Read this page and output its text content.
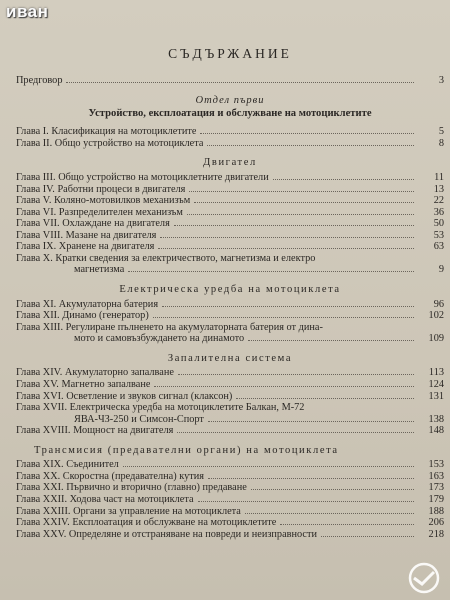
иван
СЪДЪРЖАНИЕ
Предговор	3
Отдел първи
Устройство, експлоатация и обслужване на мотоциклетите
Глава I. Класификация на мотоциклетите	5
Глава II. Общо устройство на мотоциклета	8
Двигател
Глава III. Общо устройство на мотоциклетните двигатели	11
Глава IV. Работни процеси в двигателя	13
Глава V. Коляно-мотовилков механизъм	22
Глава VI. Разпределителен механизъм	36
Глава VII. Охлаждане на двигателя	50
Глава VIII. Мазане на двигателя	53
Глава IX. Хранене на двигателя	63
Глава X. Кратки сведения за електричеството, магнетизма и електро
магнетизма	9
Електрическа уредба на мотоциклета
Глава XI. Акумулаторна батерия	96
Глава XII. Динамо (генератор)	102
Глава XIII. Регулиране пълненето на акумулаторната батерия от дина-
мото и самовъзбуждането на динамото	109
Запалителна система
Глава XIV. Акумулаторно запалване	113
Глава XV. Магнетно запалване	124
Глава XVI. Осветление и звуков сигнал (клаксон)	131
Глава XVII. Електрическа уредба на мотоциклетите Балкан, М-72
ЯВА-ЧЗ-250 и Симсон-Спорт	138
Глава XVIII. Мощност на двигателя	148
Трансмисия (предавателни органи) на мотоциклета
Глава XIX. Съединител	153
Глава XX. Скоростна (предавателна) кутия	163
Глава XXI. Първично и вторично (главно) предаване	173
Глава XXII. Ходова част на мотоциклета	179
Глава XXIII. Органи за управление на мотоциклета	188
Глава XXIV. Експлоатация и обслужване на мотоциклетите	206
Глава XXV. Определяне и отстраняване на повреди и неизправности	218
